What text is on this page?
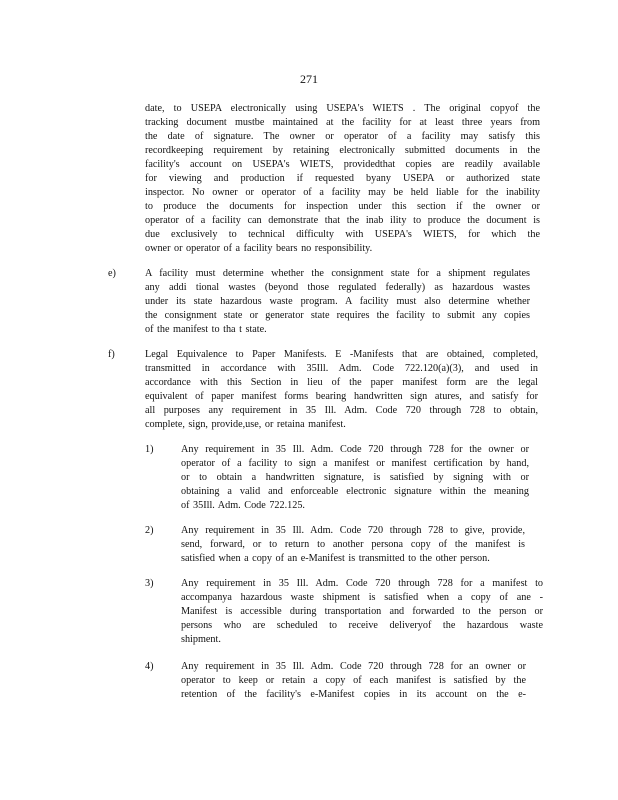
271
date, to USEPA electronically using USEPA's WIETS . The original copyof the
tracking document mustbe maintained at the facility for at least three years from
the date of signature. The owner or operator of a facility may satisfy this
recordkeeping requirement by retaining electronically submitted documents in the
facility's account on USEPA's WIETS, providedthat copies are readily available
for viewing and production if requested byany USEPA or authorized state
inspector. No owner or operator of a facility may be held liable for the inability
to produce the documents for inspection under this section if the owner or
operator of a facility can demonstrate that the inab ility to produce the document is
due exclusively to technical difficulty with USEPA's WIETS, for which the
owner or operator of a facility bears no responsibility.
e)	A facility must determine whether the consignment state for a shipment regulates
any addi tional wastes (beyond those regulated federally) as hazardous wastes
under its state hazardous waste program. A facility must also determine whether
the consignment state or generator state requires the facility to submit any copies
of the manifest to tha t state.
f)	Legal Equivalence to Paper Manifests. E -Manifests that are obtained, completed,
transmitted in accordance with 35Ill. Adm. Code 722.120(a)(3), and used in
accordance with this Section in lieu of the paper manifest form are the legal
equivalent of paper manifest forms bearing handwritten sign atures, and satisfy for
all purposes any requirement in 35 Ill. Adm. Code 720 through 728 to obtain,
complete, sign, provide,use, or retaina manifest.
1)	Any requirement in 35 Ill. Adm. Code 720 through 728 for the owner or
operator of a facility to sign a manifest or manifest certification by hand,
or to obtain a handwritten signature, is satisfied by signing with or
obtaining a valid and enforceable electronic signature within the meaning
of 35Ill. Adm. Code 722.125.
2)	Any requirement in 35 Ill. Adm. Code 720 through 728 to give, provide,
send, forward, or to return to another persona copy of the manifest is
satisfied when a copy of an e-Manifest is transmitted to the other person.
3)	Any requirement in 35 Ill. Adm. Code 720 through 728 for a manifest to
accompanya hazardous waste shipment is satisfied when a copy of ane -
Manifest is accessible during transportation and forwarded to the person or
persons who are scheduled to receive deliveryof the hazardous waste
shipment.
4)	Any requirement in 35 Ill. Adm. Code 720 through 728 for an owner or
operator to keep or retain a copy of each manifest is satisfied by the
retention of the facility's e-Manifest copies in its account on the e-
